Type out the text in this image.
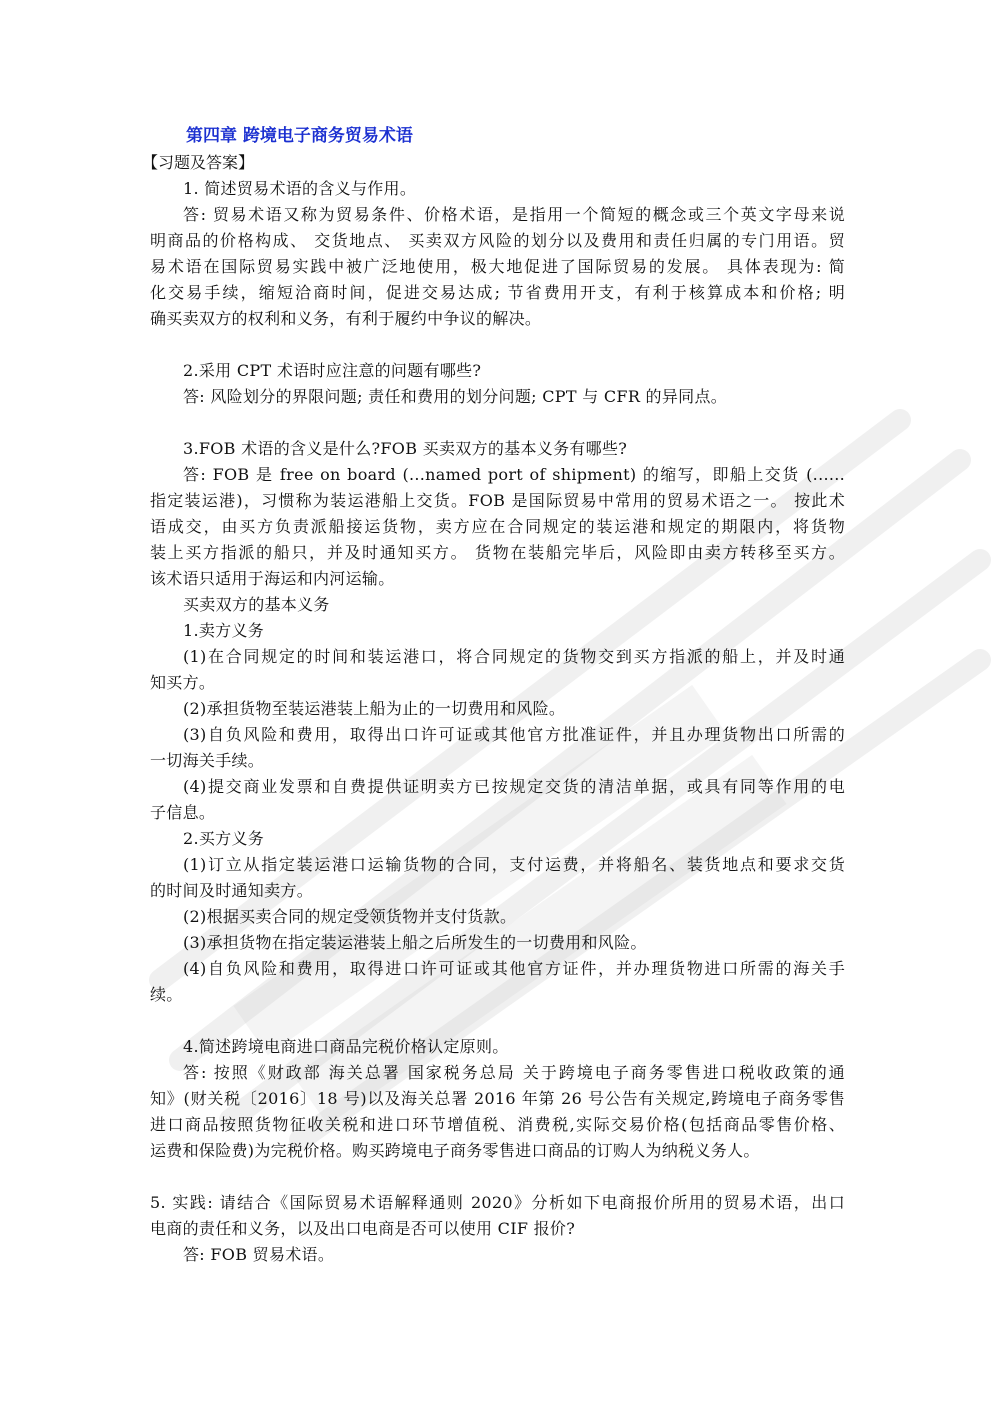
第四章 跨境电子商务贸易术语
【习题及答案】
1. 简述贸易术语的含义与作用。
答: 贸易术语又称为贸易条件、价格术语，是指用一个简短的概念或三个英文字母来说
明商品的价格构成、 交货地点、 买卖双方风险的划分以及费用和责任归属的专门用语。贸
易术语在国际贸易实践中被广泛地使用，极大地促进了国际贸易的发展。 具体表现为: 简
化交易手续，缩短洽商时间，促进交易达成; 节省费用开支，有利于核算成本和价格; 明
确买卖双方的权利和义务，有利于履约中争议的解决。
2.采用 CPT 术语时应注意的问题有哪些?
答: 风险划分的界限问题; 责任和费用的划分问题; CPT 与 CFR 的异同点。
3.FOB 术语的含义是什么?FOB 买卖双方的基本义务有哪些?
答: FOB 是 free on board (...named port of shipment) 的缩写，即船上交货 (......
指定装运港)，习惯称为装运港船上交货。FOB 是国际贸易中常用的贸易术语之一。 按此术
语成交，由买方负责派船接运货物，卖方应在合同规定的装运港和规定的期限内，将货物
装上买方指派的船只，并及时通知买方。 货物在装船完毕后，风险即由卖方转移至买方。
该术语只适用于海运和内河运输。
买卖双方的基本义务
1.卖方义务
(1)在合同规定的时间和装运港口，将合同规定的货物交到买方指派的船上，并及时通
知买方。
(2)承担货物至装运港装上船为止的一切费用和风险。
(3)自负风险和费用，取得出口许可证或其他官方批准证件，并且办理货物出口所需的
一切海关手续。
(4)提交商业发票和自费提供证明卖方已按规定交货的清洁单据，或具有同等作用的电
子信息。
2.买方义务
(1)订立从指定装运港口运输货物的合同，支付运费，并将船名、装货地点和要求交货
的时间及时通知卖方。
(2)根据买卖合同的规定受领货物并支付货款。
(3)承担货物在指定装运港装上船之后所发生的一切费用和风险。
(4)自负风险和费用，取得进口许可证或其他官方证件，并办理货物进口所需的海关手
续。
4.简述跨境电商进口商品完税价格认定原则。
答: 按照《财政部 海关总署 国家税务总局 关于跨境电子商务零售进口税收政策的通
知》(财关税〔2016〕18 号)以及海关总署 2016 年第 26 号公告有关规定,跨境电子商务零售
进口商品按照货物征收关税和进口环节增值税、消费税,实际交易价格(包括商品零售价格、
运费和保险费)为完税价格。购买跨境电子商务零售进口商品的订购人为纳税义务人。
5. 实践: 请结合《国际贸易术语解释通则 2020》分析如下电商报价所用的贸易术语，出口
电商的责任和义务，以及出口电商是否可以使用 CIF 报价?
答: FOB 贸易术语。
